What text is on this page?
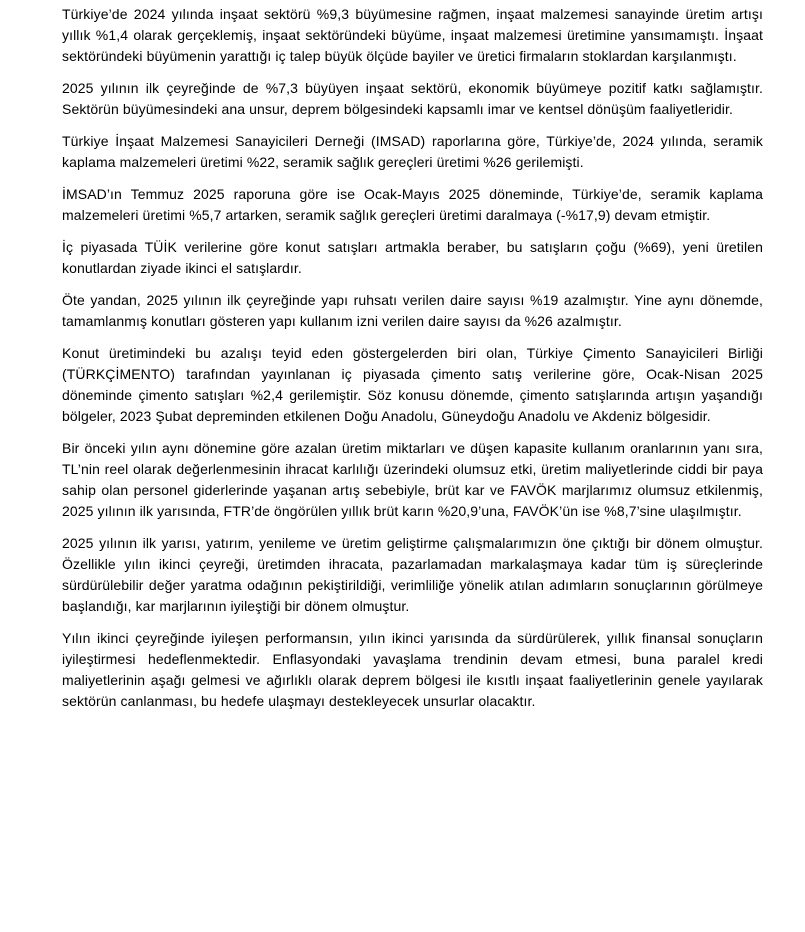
Türkiye’de 2024 yılında inşaat sektörü %9,3 büyümesine rağmen, inşaat malzemesi sanayinde üretim artışı yıllık %1,4 olarak gerçeklemiş, inşaat sektöründeki büyüme, inşaat malzemesi üretimine yansımamıştı. İnşaat sektöründeki büyümenin yarattığı iç talep büyük ölçüde bayiler ve üretici firmaların stoklardan karşılanmıştı.

2025 yılının ilk çeyreğinde de %7,3 büyüyen inşaat sektörü, ekonomik büyümeye pozitif katkı sağlamıştır. Sektörün büyümesindeki ana unsur, deprem bölgesindeki kapsamlı imar ve kentsel dönüşüm faaliyetleridir.

Türkiye İnşaat Malzemesi Sanayicileri Derneği (IMSAD) raporlarına göre, Türkiye’de, 2024 yılında, seramik kaplama malzemeleri üretimi %22, seramik sağlık gereçleri üretimi %26 gerilemişti.

İMSAD’ın Temmuz 2025 raporuna göre ise Ocak-Mayıs 2025 döneminde, Türkiye’de, seramik kaplama malzemeleri üretimi %5,7 artarken, seramik sağlık gereçleri üretimi daralmaya (-%17,9) devam etmiştir.

İç piyasada TÜİK verilerine göre konut satışları artmakla beraber, bu satışların çoğu (%69), yeni üretilen konutlardan ziyade ikinci el satışlardır.

Öte yandan, 2025 yılının ilk çeyreğinde yapı ruhsatı verilen daire sayısı %19 azalmıştır. Yine aynı dönemde, tamamlanmış konutları gösteren yapı kullanım izni verilen daire sayısı da %26 azalmıştır.

Konut üretimindeki bu azalışı teyid eden göstergelerden biri olan, Türkiye Çimento Sanayicileri Birliği (TÜRKÇİMENTO) tarafından yayınlanan iç piyasada çimento satış verilerine göre, Ocak-Nisan 2025 döneminde çimento satışları %2,4 gerilemiştir. Söz konusu dönemde, çimento satışlarında artışın yaşandığı bölgeler, 2023 Şubat depreminden etkilenen Doğu Anadolu, Güneydoğu Anadolu ve Akdeniz bölgesidir.

Bir önceki yılın aynı dönemine göre azalan üretim miktarları ve düşen kapasite kullanım oranlarının yanı sıra, TL’nin reel olarak değerlenmesinin ihracat karlılığı üzerindeki olumsuz etki, üretim maliyetlerinde ciddi bir paya sahip olan personel giderlerinde yaşanan artış sebebiyle, brüt kar ve FAVÖK marjlarımız olumsuz etkilenmiş, 2025 yılının ilk yarısında, FTR’de öngörülen yıllık brüt karın %20,9’una, FAVÖK’ün ise %8,7’sine ulaşılmıştır.

2025 yılının ilk yarısı, yatırım, yenileme ve üretim geliştirme çalışmalarımızın öne çıktığı bir dönem olmuştur. Özellikle yılın ikinci çeyreği, üretimden ihracata, pazarlamadan markalaşmaya kadar tüm iş süreçlerinde sürdürülebilir değer yaratma odağının pekiştirildiği, verimliliğe yönelik atılan adımların sonuçlarının görülmeye başlandığı, kar marjlarının iyileştiği bir dönem olmuştur.

Yılın ikinci çeyreğinde iyileşen performansın, yılın ikinci yarısında da sürdürülerek, yıllık finansal sonuçların iyileştirmesi hedeflenmektedir. Enflasyondaki yavaşlama trendinin devam etmesi, buna paralel kredi maliyetlerinin aşağı gelmesi ve ağırlıklı olarak deprem bölgesi ile kısıtlı inşaat faaliyetlerinin genele yayılarak sektörün canlanması, bu hedefe ulaşmayı destekleyecek unsurlar olacaktır.
